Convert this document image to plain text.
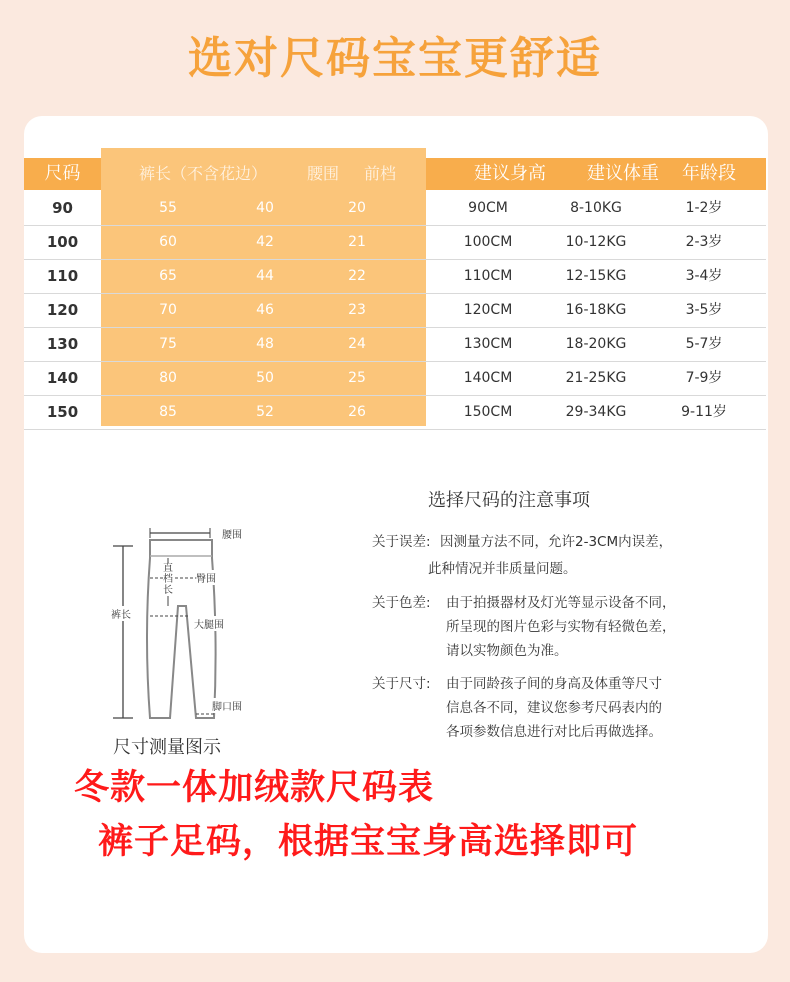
选对尺码宝宝更舒适
尺码	裤长（不含花边）	腰围	前档	建议身高	建议体重	年龄段
90	55	40	20	90CM	8-10KG	1-2岁
100	60	42	21	100CM	10-12KG	2-3岁
110	65	44	22	110CM	12-15KG	3-4岁
120	70	46	23	120CM	16-18KG	3-5岁
130	75	48	24	130CM	18-20KG	5-7岁
140	80	50	25	140CM	21-25KG	7-9岁
150	85	52	26	150CM	29-34KG	9-11岁
腰围
直档长
臀围
裤长
大腿围
脚口围
尺寸测量图示
选择尺码的注意事项
关于误差: 因测量方法不同，允许2-3CM内误差，
此种情况并非质量问题。
关于色差: 由于拍摄器材及灯光等显示设备不同，
所呈现的图片色彩与实物有轻微色差，
请以实物颜色为准。
关于尺寸: 由于同龄孩子间的身高及体重等尺寸
信息各不同，建议您参考尺码表内的
各项参数信息进行对比后再做选择。
冬款一体加绒款尺码表
裤子足码，根据宝宝身高选择即可
